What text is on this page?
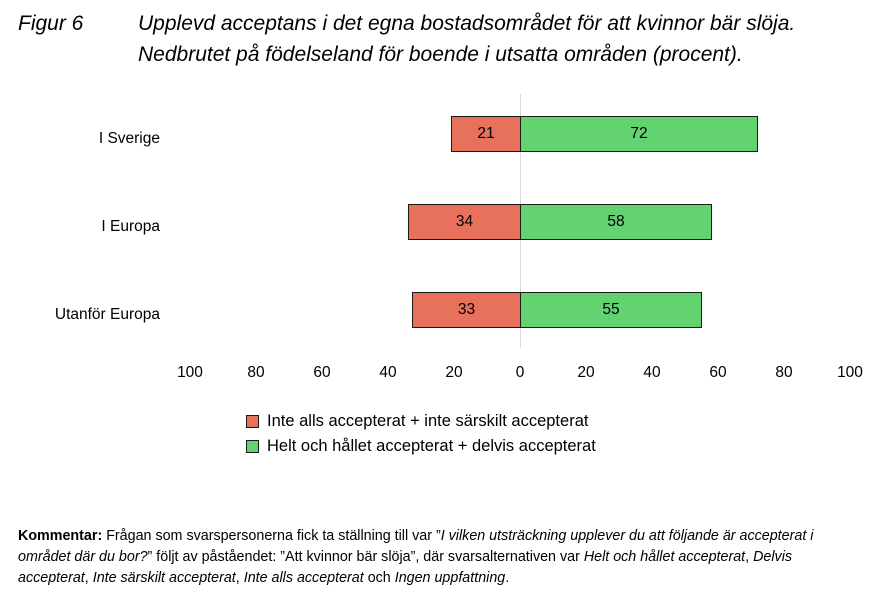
Figur 6	Upplevd acceptans i det egna bostadsområdet för att kvinnor bär slöja. Nedbrutet på födelseland för boende i utsatta områden (procent).
I Sverige
I Europa
Utanför Europa
21	72
34	58
33	55
100	80	60	40	20	0	20	40	60	80	100
Inte alls accepterat + inte särskilt accepterat
Helt och hållet accepterat + delvis accepterat
Kommentar: Frågan som svarspersonerna fick ta ställning till var ”I vilken utsträckning upplever du att följande är accepterat i området där du bor?” följt av påståendet: ”Att kvinnor bär slöja”, där svarsalternativen var Helt och hållet accepterat, Delvis accepterat, Inte särskilt accepterat, Inte alls accepterat och Ingen uppfattning.
